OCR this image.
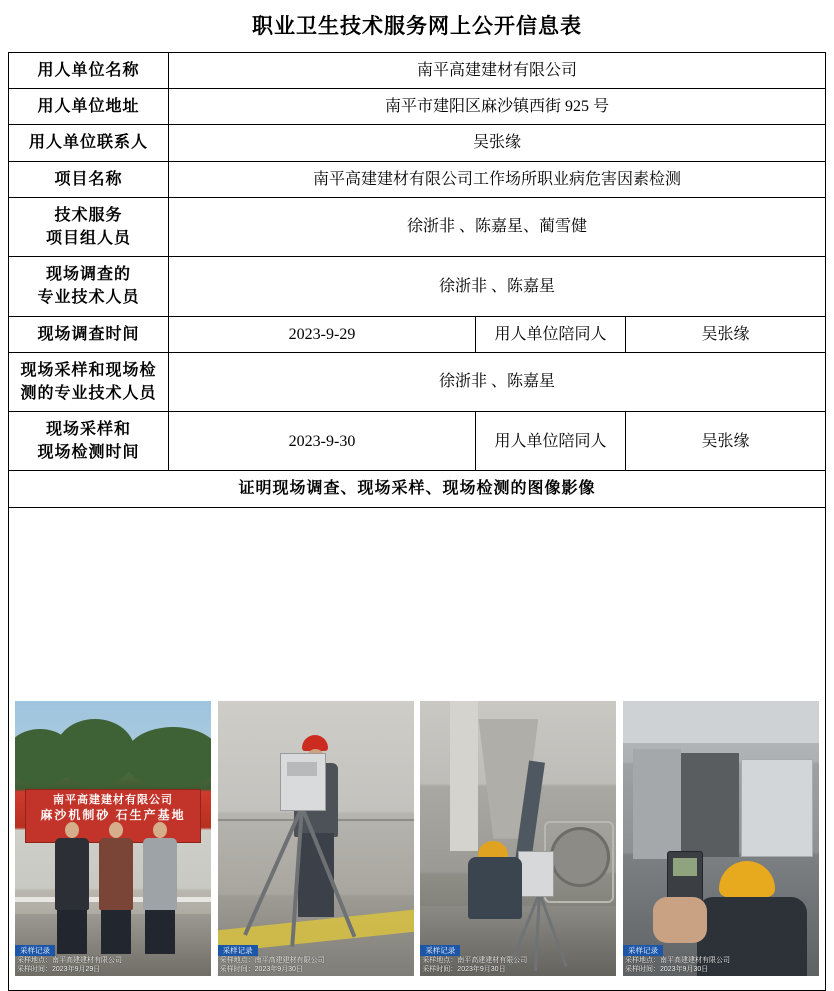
职业卫生技术服务网上公开信息表
用人单位名称	南平高建建材有限公司		
用人单位地址	南平市建阳区麻沙镇西街 925 号		
用人单位联系人	吴张缘		
项目名称	南平高建建材有限公司工作场所职业病危害因素检测		

技术服务
项目组人员	徐浙非 、陈嘉星、蔺雪健		

现场调查的
专业技术人员	徐浙非 、陈嘉星		
现场调查时间	2023-9-29	用人单位陪同人	吴张缘

现场采样和现场检
测的专业技术人员	徐浙非 、陈嘉星		

现场采样和
现场检测时间	2023-9-30	用人单位陪同人	吴张缘
证明现场调查、现场采样、现场检测的图像影像			

南平高建建材有限公司
麻沙机制砂 石生产基地
采样记录
采样地点：南平高建建材有限公司
采样时间：2023年9月29日
采样记录
采样地点：南平高建建材有限公司
采样时间：2023年9月30日
采样记录
采样地点：南平高建建材有限公司
采样时间：2023年9月30日
采样记录
采样地点：南平高建建材有限公司
采样时间：2023年9月30日
